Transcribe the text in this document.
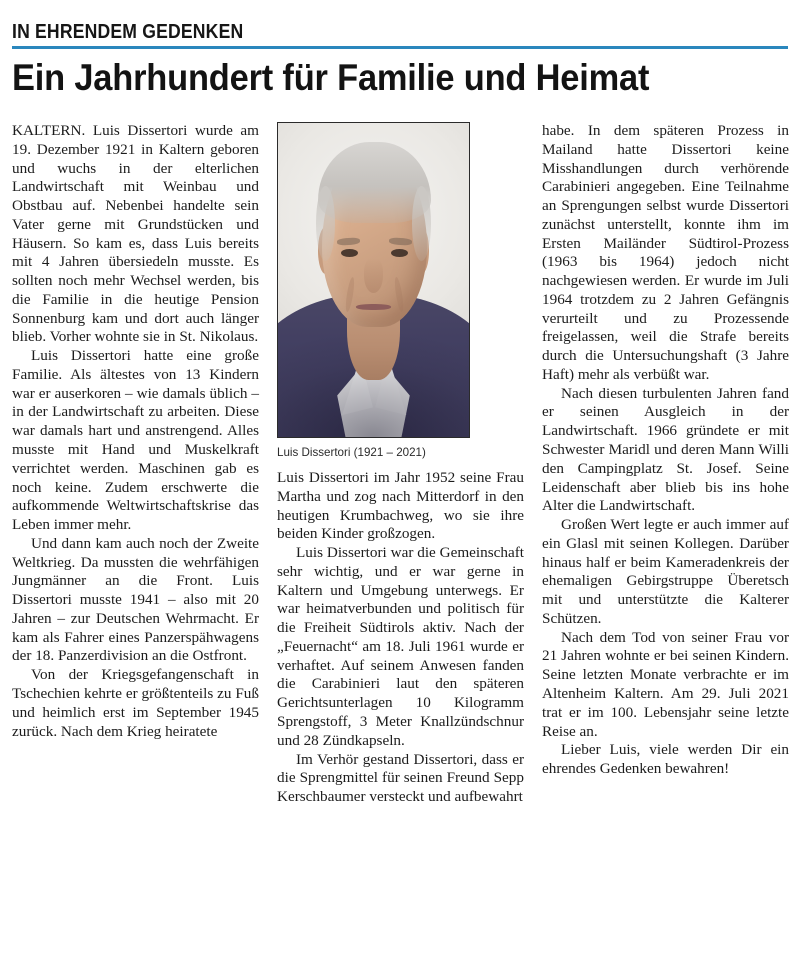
IN EHRENDEM GEDENKEN
Ein Jahrhundert für Familie und Heimat

KALTERN. Luis Dissertori wurde am 19. Dezember 1921 in Kaltern geboren und wuchs in der elterlichen Landwirtschaft mit Weinbau und Obstbau auf. Nebenbei handelte sein Vater gerne mit Grundstücken und Häusern. So kam es, dass Luis bereits mit 4 Jahren übersiedeln musste. Es sollten noch mehr Wechsel werden, bis die Familie in die heutige Pension Sonnenburg kam und dort auch länger blieb. Vorher wohnte sie in St. Nikolaus.

Luis Dissertori hatte eine große Familie. Als ältestes von 13 Kindern war er auserkoren – wie damals üblich – in der Landwirtschaft zu arbeiten. Diese war damals hart und anstrengend. Alles musste mit Hand und Muskelkraft verrichtet werden. Maschinen gab es noch keine. Zudem erschwerte die aufkommende Weltwirtschaftskrise das Leben immer mehr.

Und dann kam auch noch der Zweite Weltkrieg. Da mussten die wehrfähigen Jungmänner an die Front. Luis Dissertori musste 1941 – also mit 20 Jahren – zur Deutschen Wehrmacht. Er kam als Fahrer eines Panzerspähwagens der 18. Panzerdivision an die Ostfront.

Von der Kriegsgefangenschaft in Tschechien kehrte er größtenteils zu Fuß und heimlich erst im September 1945 zurück. Nach dem Krieg heiratete

Luis Dissertori (1921 – 2021)

Luis Dissertori im Jahr 1952 seine Frau Martha und zog nach Mitterdorf in den heutigen Krumbachweg, wo sie ihre beiden Kinder großzogen.

Luis Dissertori war die Gemeinschaft sehr wichtig, und er war gerne in Kaltern und Umgebung unterwegs. Er war heimatverbunden und politisch für die Freiheit Südtirols aktiv. Nach der „Feuernacht“ am 18. Juli 1961 wurde er verhaftet. Auf seinem Anwesen fanden die Carabinieri laut den späteren Gerichtsunterlagen 10 Kilogramm Sprengstoff, 3 Meter Knallzündschnur und 28 Zündkapseln.

Im Verhör gestand Dissertori, dass er die Sprengmittel für seinen Freund Sepp Kerschbaumer versteckt und aufbewahrt

habe. In dem späteren Prozess in Mailand hatte Dissertori keine Misshandlungen durch verhörende Carabinieri angegeben. Eine Teilnahme an Sprengungen selbst wurde Dissertori zunächst unterstellt, konnte ihm im Ersten Mailänder Südtirol-Prozess (1963 bis 1964) jedoch nicht nachgewiesen werden. Er wurde im Juli 1964 trotzdem zu 2 Jahren Gefängnis verurteilt und zu Prozessende freigelassen, weil die Strafe bereits durch die Untersuchungshaft (3 Jahre Haft) mehr als verbüßt war.

Nach diesen turbulenten Jahren fand er seinen Ausgleich in der Landwirtschaft. 1966 gründete er mit Schwester Maridl und deren Mann Willi den Campingplatz St. Josef. Seine Leidenschaft aber blieb bis ins hohe Alter die Landwirtschaft.

Großen Wert legte er auch immer auf ein Glasl mit seinen Kollegen. Darüber hinaus half er beim Kameradenkreis der ehemaligen Gebirgstruppe Überetsch mit und unterstützte die Kalterer Schützen.

Nach dem Tod von seiner Frau vor 21 Jahren wohnte er bei seinen Kindern. Seine letzten Monate verbrachte er im Altenheim Kaltern. Am 29. Juli 2021 trat er im 100. Lebensjahr seine letzte Reise an.

Lieber Luis, viele werden Dir ein ehrendes Gedenken bewahren!
